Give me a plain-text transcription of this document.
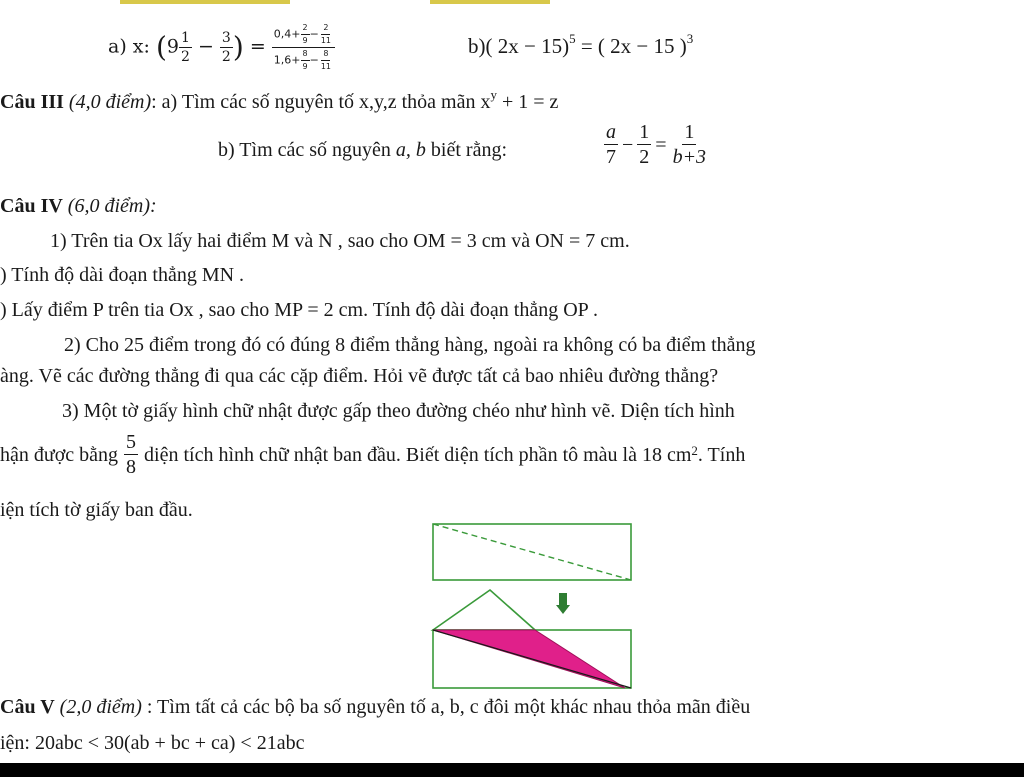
a) x: ($9 \frac{1}{2} - \frac{3}{2}$ ) = $\frac{0,4+ \frac{2}{9} - \frac{2}{11}}{1,6+ \frac{8}{9} - \frac{8}{11}}$	b)( 2x − 15)$^5$ = ( 2x − 15 )$^3$
Câu III (4,0 điểm): a) Tìm các số nguyên tố x,y,z thỏa mãn $x^y + 1 = z$
b) Tìm các số nguyên a, b biết rằng:	$\frac{a}{7} - \frac{1}{2} = \frac{1}{b+3}$
Câu IV (6,0 điểm):
1) Trên tia Ox lấy hai điểm M và N , sao cho OM = 3 cm và ON = 7 cm.
) Tính độ dài đoạn thẳng MN .
) Lấy điểm P trên tia Ox , sao cho MP = 2 cm. Tính độ dài đoạn thẳng OP .
2) Cho 25 điểm trong đó có đúng 8 điểm thẳng hàng, ngoài ra không có ba điểm thẳng
àng. Vẽ các đường thẳng đi qua các cặp điểm. Hỏi vẽ được tất cả bao nhiêu đường thẳng?
3) Một tờ giấy hình chữ nhật được gấp theo đường chéo như hình vẽ. Diện tích hình
hận được bằng $\frac{5}{8}$ diện tích hình chữ nhật ban đầu. Biết diện tích phần tô màu là 18 cm 2 . Tính
iện tích tờ giấy ban đầu.
Câu V (2,0 điểm) : Tìm tất cả các bộ ba số nguyên tố a, b, c đôi một khác nhau thỏa mãn điều
iện: 20abc < 30(ab + bc + ca) < 21abc
